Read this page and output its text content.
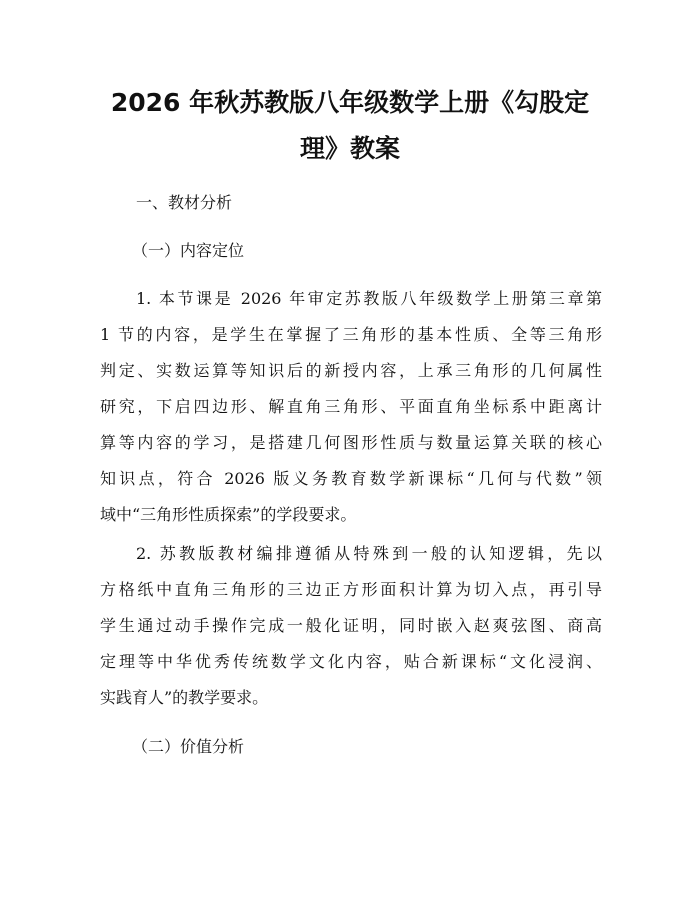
2026 年秋苏教版八年级数学上册《勾股定
理》教案
一、教材分析
（一）内容定位
1. 本节课是 2026 年审定苏教版八年级数学上册第三章第
1 节的内容，是学生在掌握了三角形的基本性质、全等三角形
判定、实数运算等知识后的新授内容，上承三角形的几何属性
研究，下启四边形、解直角三角形、平面直角坐标系中距离计
算等内容的学习，是搭建几何图形性质与数量运算关联的核心
知识点，符合 2026 版义务教育数学新课标“几何与代数”领
域中“三角形性质探索”的学段要求。
2. 苏教版教材编排遵循从特殊到一般的认知逻辑，先以
方格纸中直角三角形的三边正方形面积计算为切入点，再引导
学生通过动手操作完成一般化证明，同时嵌入赵爽弦图、商高
定理等中华优秀传统数学文化内容，贴合新课标“文化浸润、
实践育人”的教学要求。
（二）价值分析
